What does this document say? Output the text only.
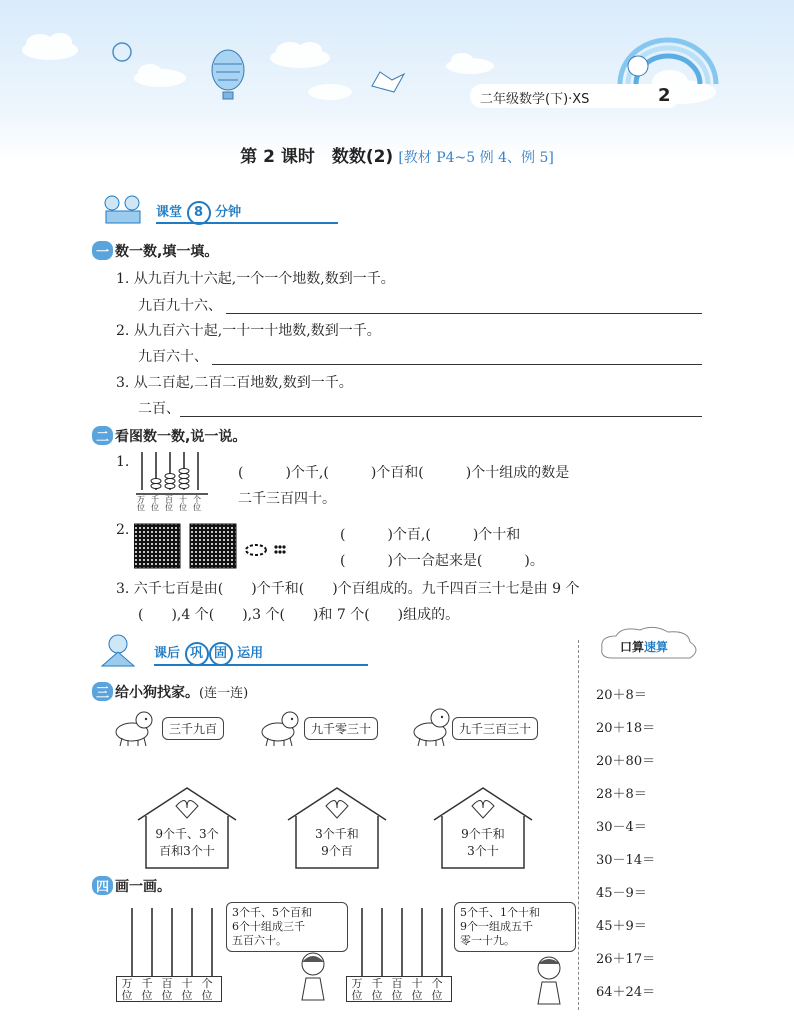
二年级数学(下)·XS	2
第 2 课时　数数(2) [教材 P4~5 例 4、例 5]
课堂 8 分钟
一 数一数,填一填。
1. 从九百九十六起,一个一个地数,数到一千。
九百九十六、
2. 从九百六十起,一十一十地数,数到一千。
九百六十、
3. 从二百起,二百二百地数,数到一千。
二百、
二 看图数一数,说一说。
1.
万位
千位
百位
十位
个位
(　　　)个千,(　　　)个百和(　　　)个十组成的数是
二千三百四十。
2.	(　　　)个百,(　　　)个十和
(　　　)个一合起来是(　　　)。
3. 六千七百是由(　　)个千和(　　)个百组成的。九千四百三十七是由 9 个
(　　),4 个(　　),3 个(　　)和 7 个(　　)组成的。
课后 巩 固 运用	口算速算
20＋8＝
20＋18＝
20＋80＝
28＋8＝
30－4＝
30－14＝
45－9＝
45＋9＝
26＋17＝
64＋24＝
三 给小狗找家。(连一连)
三千九百	九千零三十	九千三百三十
9个千、3个
百和3个十
3个千和
9个百
9个千和
3个十
四 画一画。
万位
千位
百位
十位
个位
3个千、5个百和
6个十组成三千
五百六十。
万位
千位
百位
十位
个位
5个千、1个十和
9个一组成五千
零一十九。
